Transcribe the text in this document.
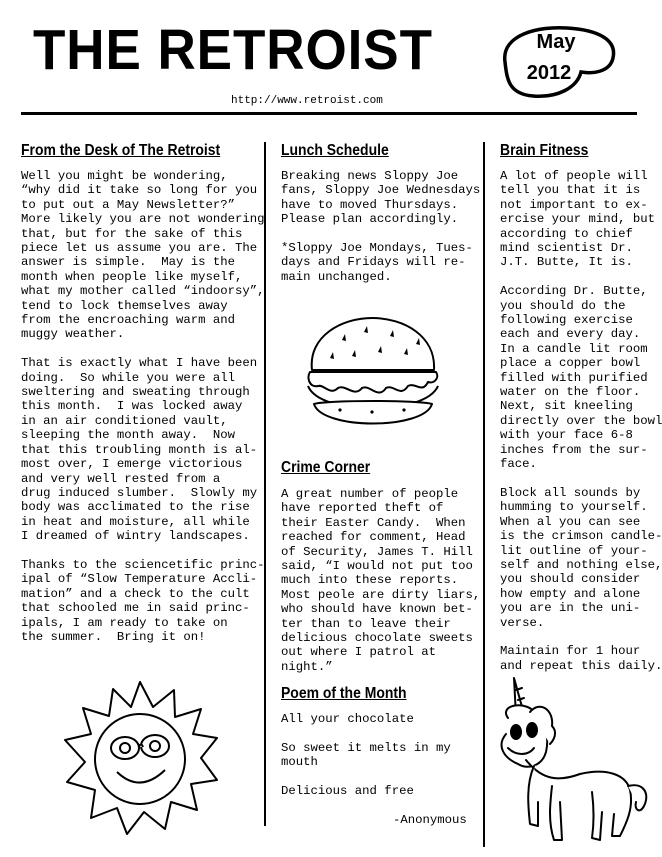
THE RETROIST
http://www.retroist.com
May
2012
From the Desk of The Retroist

Well you might be wondering,
“why did it take so long for you
to put out a May Newsletter?”
More likely you are not wondering
that, but for the sake of this
piece let us assume you are. The
answer is simple.  May is the
month when people like myself,
what my mother called “indoorsy”,
tend to lock themselves away
from the encroaching warm and
muggy weather.

That is exactly what I have been
doing.  So while you were all
sweltering and sweating through
this month.  I was locked away
in an air conditioned vault,
sleeping the month away.  Now
that this troubling month is al-
most over, I emerge victorious
and very well rested from a
drug induced slumber.  Slowly my
body was acclimated to the rise
in heat and moisture, all while
I dreamed of wintry landscapes.

Thanks to the sciencetific princ-
ipal of “Slow Temperature Accli-
mation” and a check to the cult
that schooled me in said princ-
ipals, I am ready to take on
the summer.  Bring it on!

Lunch Schedule

Breaking news Sloppy Joe
fans, Sloppy Joe Wednesdays
have to moved Thursdays.
Please plan accordingly.

*Sloppy Joe Mondays, Tues-
days and Fridays will re-
main unchanged.

Crime Corner

A great number of people
have reported theft of
their Easter Candy.  When
reached for comment, Head
of Security, James T. Hill
said, “I would not put too
much into these reports.
Most peole are dirty liars,
who should have known bet-
ter than to leave their
delicious chocolate sweets
out where I patrol at
night.”

Poem of the Month

All your chocolate

So sweet it melts in my
mouth

Delicious and free

-Anonymous
Brain Fitness

A lot of people will
tell you that it is
not important to ex-
ercise your mind, but
according to chief
mind scientist Dr.
J.T. Butte, It is.

According Dr. Butte,
you should do the
following exercise
each and every day.
In a candle lit room
place a copper bowl
filled with purified
water on the floor.
Next, sit kneeling
directly over the bowl
with your face 6-8
inches from the sur-
face.

Block all sounds by
humming to yourself.
When al you can see
is the crimson candle-
lit outline of your-
self and nothing else,
you should consider
how empty and alone
you are in the uni-
verse.

Maintain for 1 hour
and repeat this daily.
